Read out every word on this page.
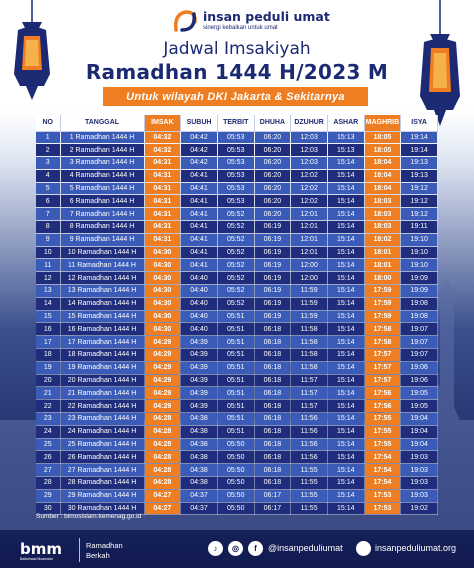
insan peduli umat
sinergi kebaikan untuk umat
Jadwal Imsakiyah
Ramadhan 1444 H/2023 M
Untuk wilayah DKI Jakarta & Sekitarnya
NO	TANGGAL	IMSAK	SUBUH	TERBIT	DHUHA	DZUHUR	ASHAR	MAGHRIB	ISYA
1	1 Ramadhan 1444 H	04:32	04:42	05:53	06:20	12:03	15:13	18:05	19:14
2	2 Ramadhan 1444 H	04:32	04:42	05:53	06:20	12:03	15:13	18:05	19:14
3	3 Ramadhan 1444 H	04:31	04:42	05:53	06:20	12:03	15:14	18:04	19:13
4	4 Ramadhan 1444 H	04:31	04:41	05:53	06:20	12:02	15:14	18:04	19:13
5	5 Ramadhan 1444 H	04:31	04:41	05:53	06:20	12:02	15:14	18:04	19:12
6	6 Ramadhan 1444 H	04:31	04:41	05:53	06:20	12:02	15:14	18:03	19:12
7	7 Ramadhan 1444 H	04:31	04:41	05:52	06:20	12:01	15:14	18:03	19:12
8	8 Ramadhan 1444 H	04:31	04:41	05:52	06:19	12:01	15:14	18:03	19:11
9	9 Ramadhan 1444 H	04:31	04:41	05:52	06:19	12:01	15:14	18:02	19:10
10	10 Ramadhan 1444 H	04:30	04:41	05:52	06:19	12:01	15:14	18:01	19:10
11	11 Ramadhan 1444 H	04:30	04:41	05:52	06:19	12:00	15:14	18:01	19:10
12	12 Ramadhan 1444 H	04:30	04:40	05:52	06:19	12:00	15:14	18:00	19:09
13	13 Ramadhan 1444 H	04:30	04:40	05:52	06:19	11:59	15:14	17:59	19:09
14	14 Ramadhan 1444 H	04:30	04:40	05:52	06:19	11:59	15:14	17:59	19:08
15	15 Ramadhan 1444 H	04:30	04:40	05:51	06:19	11:59	15:14	17:59	19:08
16	16 Ramadhan 1444 H	04:30	04:40	05:51	06:18	11:58	15:14	17:58	19:07
17	17 Ramadhan 1444 H	04:29	04:39	05:51	06:18	11:58	15:14	17:58	19:07
18	18 Ramadhan 1444 H	04:29	04:39	05:51	06:18	11:58	15:14	17:57	19:07
19	19 Ramadhan 1444 H	04:29	04:39	05:51	06:18	11:58	15:14	17:57	19:06
20	20 Ramadhan 1444 H	04:29	04:39	05:51	06:18	11:57	15:14	17:57	19:06
21	21 Ramadhan 1444 H	04:29	04:39	05:51	06:18	11:57	15:14	17:56	19:05
22	22 Ramadhan 1444 H	04:29	04:39	05:51	06:18	11:57	15:14	17:56	19:05
23	23 Ramadhan 1444 H	04:28	04:38	05:51	06:18	11:56	15:14	17:55	19:04
24	24 Ramadhan 1444 H	04:28	04:38	05:51	06:18	11:56	15:14	17:55	19:04
25	25 Ramadhan 1444 H	04:28	04:38	05:50	06:18	11:56	15:14	17:55	19:04
26	26 Ramadhan 1444 H	04:28	04:38	05:50	06:18	11:56	15:14	17:54	19:03
27	27 Ramadhan 1444 H	04:28	04:38	05:50	06:18	11:55	15:14	17:54	19:03
28	28 Ramadhan 1444 H	04:28	04:38	05:50	06:18	11:55	15:14	17:54	19:03
29	29 Ramadhan 1444 H	04:27	04:37	05:50	06:17	11:55	15:14	17:53	19:03
30	30 Ramadhan 1444 H	04:27	04:37	05:50	06:17	11:55	15:14	17:53	19:02
Sumber : bimosislam.kemenag.go.id
bmm
Baitulmaal Muamalat
Ramadhan
Berkah
♪	◎	f	@insanpeduliumat	insanpeduliumat.org
